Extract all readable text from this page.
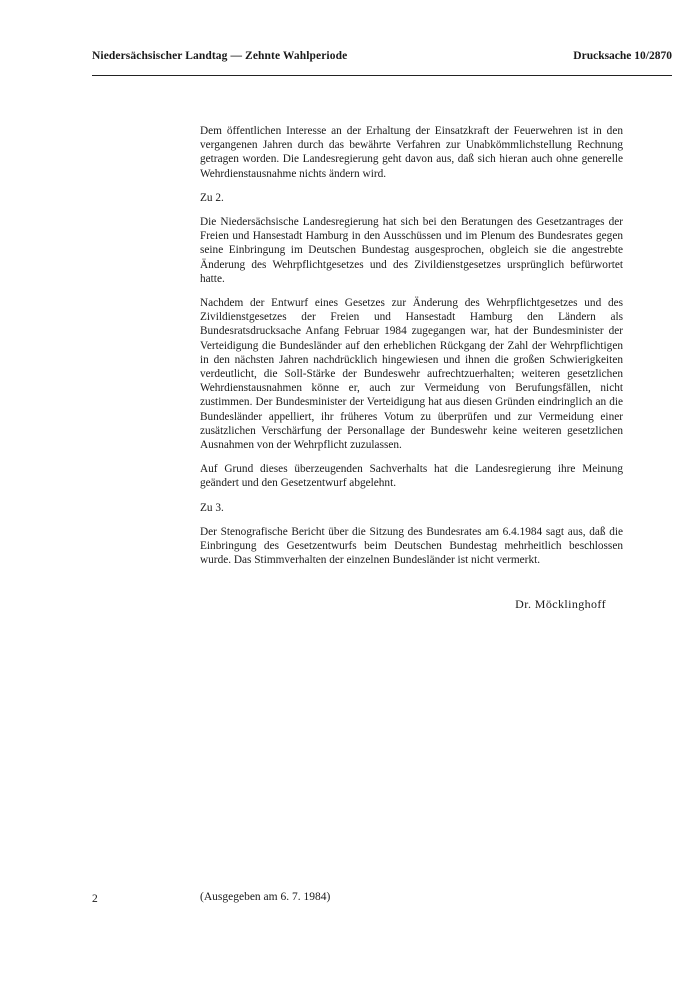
Niedersächsischer Landtag — Zehnte Wahlperiode	Drucksache 10/2870

Dem öffentlichen Interesse an der Erhaltung der Einsatzkraft der Feuerwehren ist in den vergangenen Jahren durch das bewährte Verfahren zur Unabkömmlichstellung Rechnung getragen worden. Die Landesregierung geht davon aus, daß sich hieran auch ohne generelle Wehrdienstausnahme nichts ändern wird.

Zu 2.

Die Niedersächsische Landesregierung hat sich bei den Beratungen des Gesetzantrages der Freien und Hansestadt Hamburg in den Ausschüssen und im Plenum des Bundesrates gegen seine Einbringung im Deutschen Bundestag ausgesprochen, obgleich sie die angestrebte Änderung des Wehrpflichtgesetzes und des Zivildienstgesetzes ursprünglich befürwortet hatte.

Nachdem der Entwurf eines Gesetzes zur Änderung des Wehrpflichtgesetzes und des Zivildienstgesetzes der Freien und Hansestadt Hamburg den Ländern als Bundesratsdrucksache Anfang Februar 1984 zugegangen war, hat der Bundesminister der Verteidigung die Bundesländer auf den erheblichen Rückgang der Zahl der Wehrpflichtigen in den nächsten Jahren nachdrücklich hingewiesen und ihnen die großen Schwierigkeiten verdeutlicht, die Soll-Stärke der Bundeswehr aufrechtzuerhalten; weiteren gesetzlichen Wehrdienstausnahmen könne er, auch zur Vermeidung von Berufungsfällen, nicht zustimmen. Der Bundesminister der Verteidigung hat aus diesen Gründen eindringlich an die Bundesländer appelliert, ihr früheres Votum zu überprüfen und zur Vermeidung einer zusätzlichen Verschärfung der Personallage der Bundeswehr keine weiteren gesetzlichen Ausnahmen von der Wehrpflicht zuzulassen.

Auf Grund dieses überzeugenden Sachverhalts hat die Landesregierung ihre Meinung geändert und den Gesetzentwurf abgelehnt.

Zu 3.

Der Stenografische Bericht über die Sitzung des Bundesrates am 6.4.1984 sagt aus, daß die Einbringung des Gesetzentwurfs beim Deutschen Bundestag mehrheitlich beschlossen wurde. Das Stimmverhalten der einzelnen Bundesländer ist nicht vermerkt.

Dr. Möcklinghoff
2	(Ausgegeben am 6. 7. 1984)
